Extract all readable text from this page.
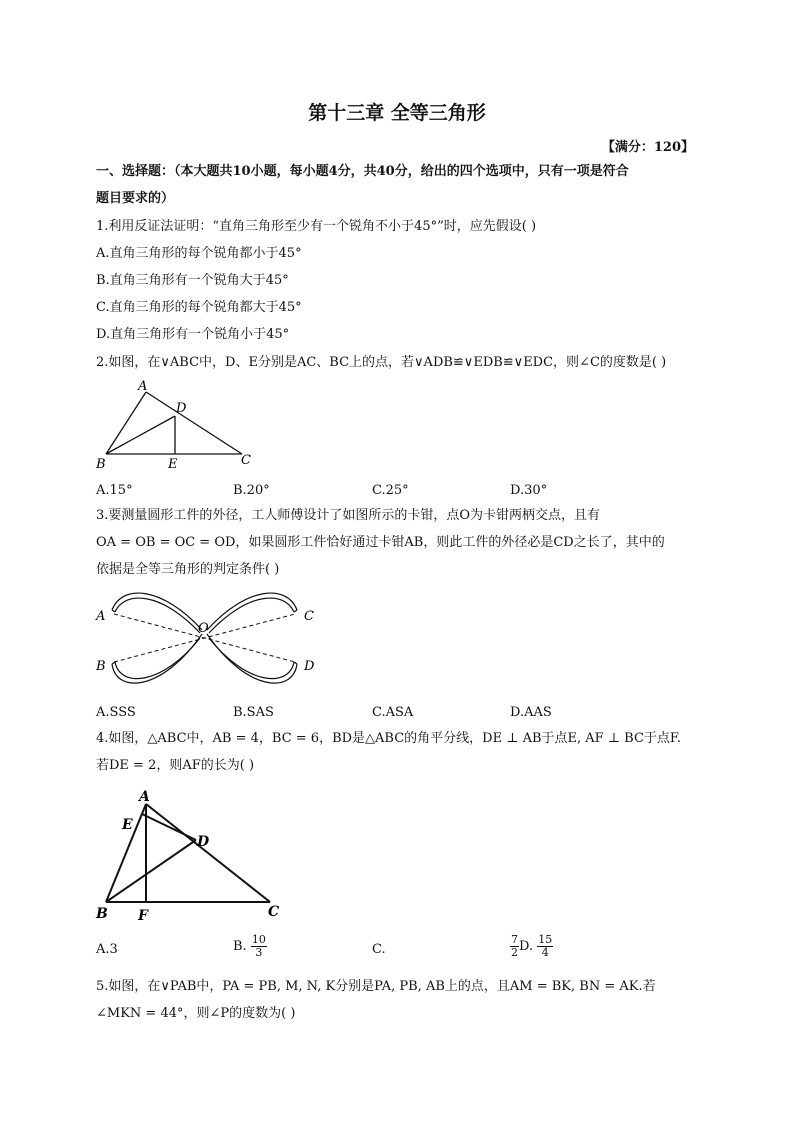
第十三章 全等三角形
【满分：120】
一、选择题：（本大题共10小题，每小题4分，共40分，给出的四个选项中，只有一项是符合
题目要求的）
1.利用反证法证明：“直角三角形至少有一个锐角不小于45°”时，应先假设( )
A.直角三角形的每个锐角都小于45°
B.直角三角形有一个锐角大于45°
C.直角三角形的每个锐角都大于45°
D.直角三角形有一个锐角小于45°
2.如图，在∨ABC中，D、E分别是AC、BC上的点，若∨ADB≌∨EDB≌∨EDC，则∠C的度数是( )
A
D
B	E	C
A.15°	B.20°	C.25°	D.30°
3.要测量圆形工件的外径，工人师傅设计了如图所示的卡钳，点O为卡钳两柄交点，且有
OA = OB = OC = OD，如果圆形工件恰好通过卡钳AB，则此工件的外径必是CD之长了，其中的
依据是全等三角形的判定条件( )
A
O
C
B	D
A.SSS	B.SAS	C.ASA	D.AAS
4.如图，△ABC中，AB = 4，BC = 6，BD是△ABC的角平分线，DE ⊥ AB于点E, AF ⊥ BC于点F.
若DE = 2，则AF的长为( )
A
E
D
B F	C
A.3	B. $\frac{10}{3}$	C.	$\frac{7}{2} D$. $\frac{15}{4}$
5.如图，在∨PAB中，PA = PB, M, N, K分别是PA, PB, AB上的点，且AM = BK, BN = AK.若
∠MKN = 44°，则∠P的度数为( )
